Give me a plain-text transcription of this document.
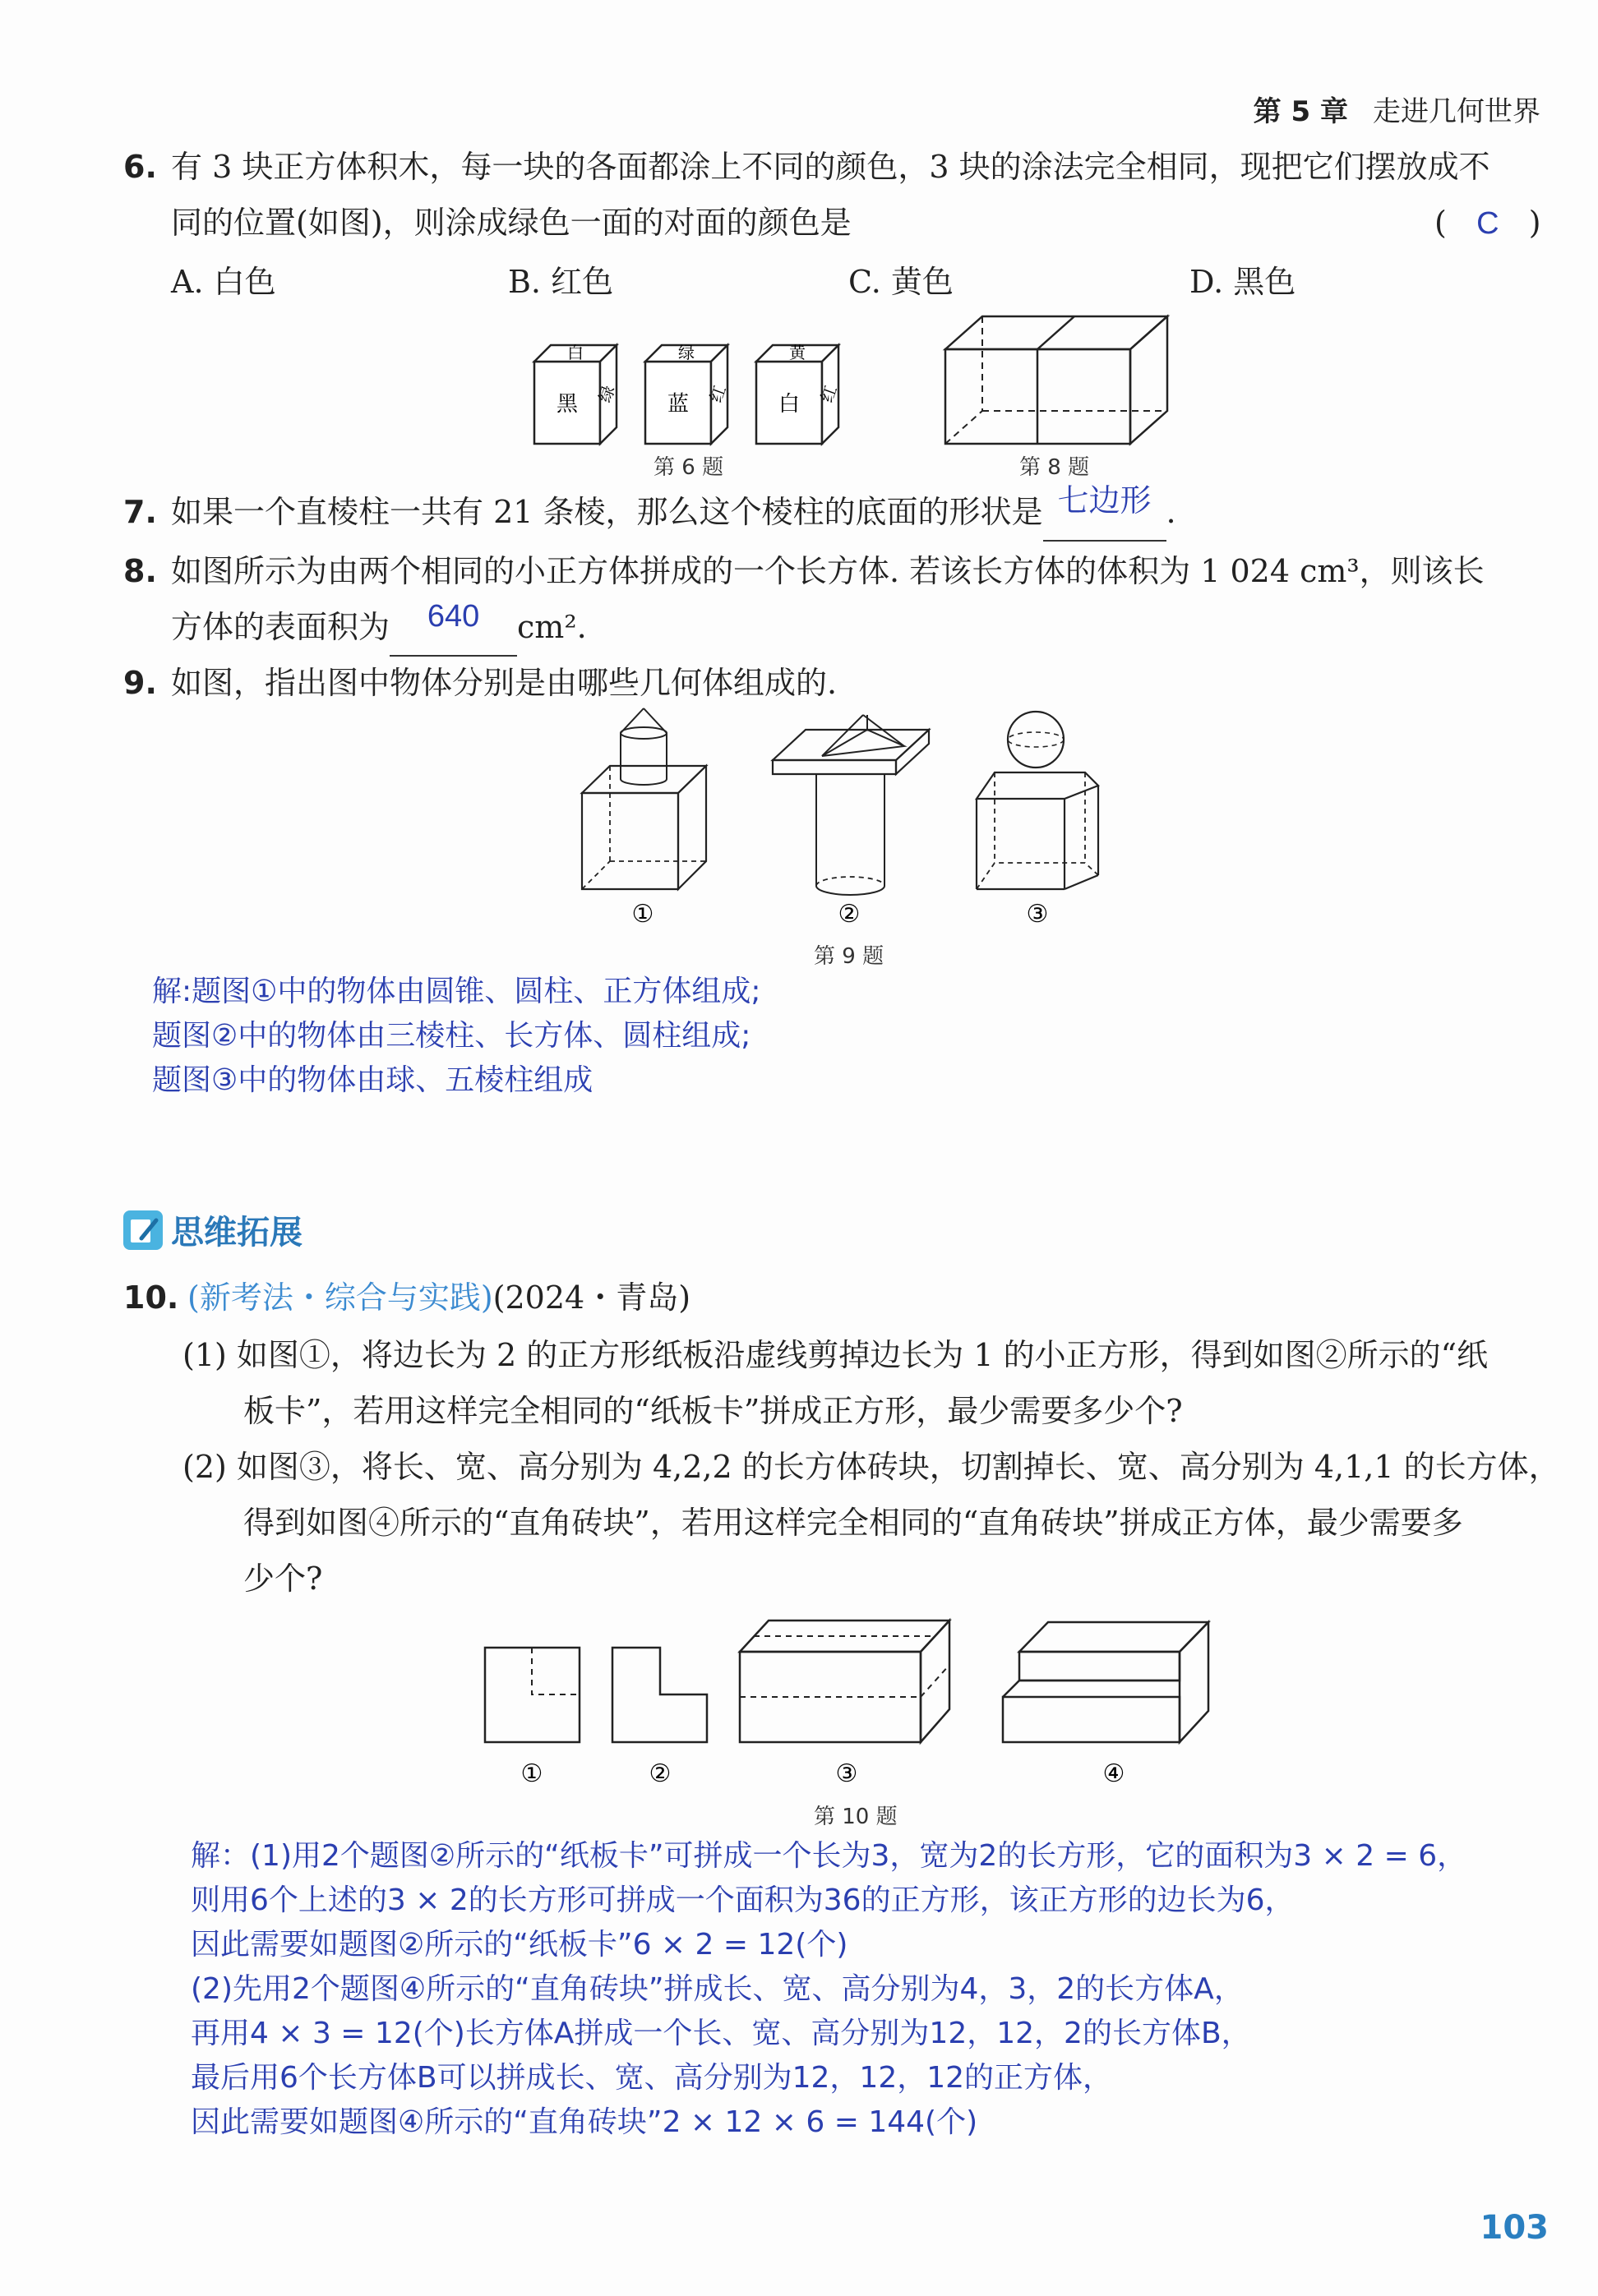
第 5 章 走进几何世界
6. 有 3 块正方体积木，每一块的各面都涂上不同的颜色，3 块的涂法完全相同，现把它们摆放成不
同的位置(如图)，则涂成绿色一面的对面的颜色是	( C )
A. 白色	B. 红色	C. 黄色	D. 黑色
白
黑 绿
绿
蓝 红
黄
白 红
第 6 题	第 8 题
7. 如果一个直棱柱一共有 21 条棱，那么这个棱柱的底面的形状是 七边形 .
8. 如图所示为由两个相同的小正方体拼成的一个长方体. 若该长方体的体积为 1 024 cm³，则该长
方体的表面积为 640 cm².
9. 如图，指出图中物体分别是由哪些几何体组成的.
①	②	③
第 9 题
解:题图①中的物体由圆锥、圆柱、正方体组成;
题图②中的物体由三棱柱、长方体、圆柱组成;
题图③中的物体由球、五棱柱组成
思维拓展
10. (新考法・综合与实践)(2024・青岛)
(1) 如图①，将边长为 2 的正方形纸板沿虚线剪掉边长为 1 的小正方形，得到如图②所示的“纸
板卡”，若用这样完全相同的“纸板卡”拼成正方形，最少需要多少个?
(2) 如图③，将长、宽、高分别为 4,2,2 的长方体砖块，切割掉长、宽、高分别为 4,1,1 的长方体，
得到如图④所示的“直角砖块”，若用这样完全相同的“直角砖块”拼成正方体，最少需要多
少个?
①	②	③	④
第 10 题
解：(1)用2个题图②所示的“纸板卡”可拼成一个长为3，宽为2的长方形，它的面积为3 × 2 = 6，
则用6个上述的3 × 2的长方形可拼成一个面积为36的正方形，该正方形的边长为6，
因此需要如题图②所示的“纸板卡”6 × 2 = 12(个)
(2)先用2个题图④所示的“直角砖块”拼成长、宽、高分别为4，3，2的长方体A，
再用4 × 3 = 12(个)长方体A拼成一个长、宽、高分别为12，12，2的长方体B，
最后用6个长方体B可以拼成长、宽、高分别为12，12，12的正方体，
因此需要如题图④所示的“直角砖块”2 × 12 × 6 = 144(个)
103
